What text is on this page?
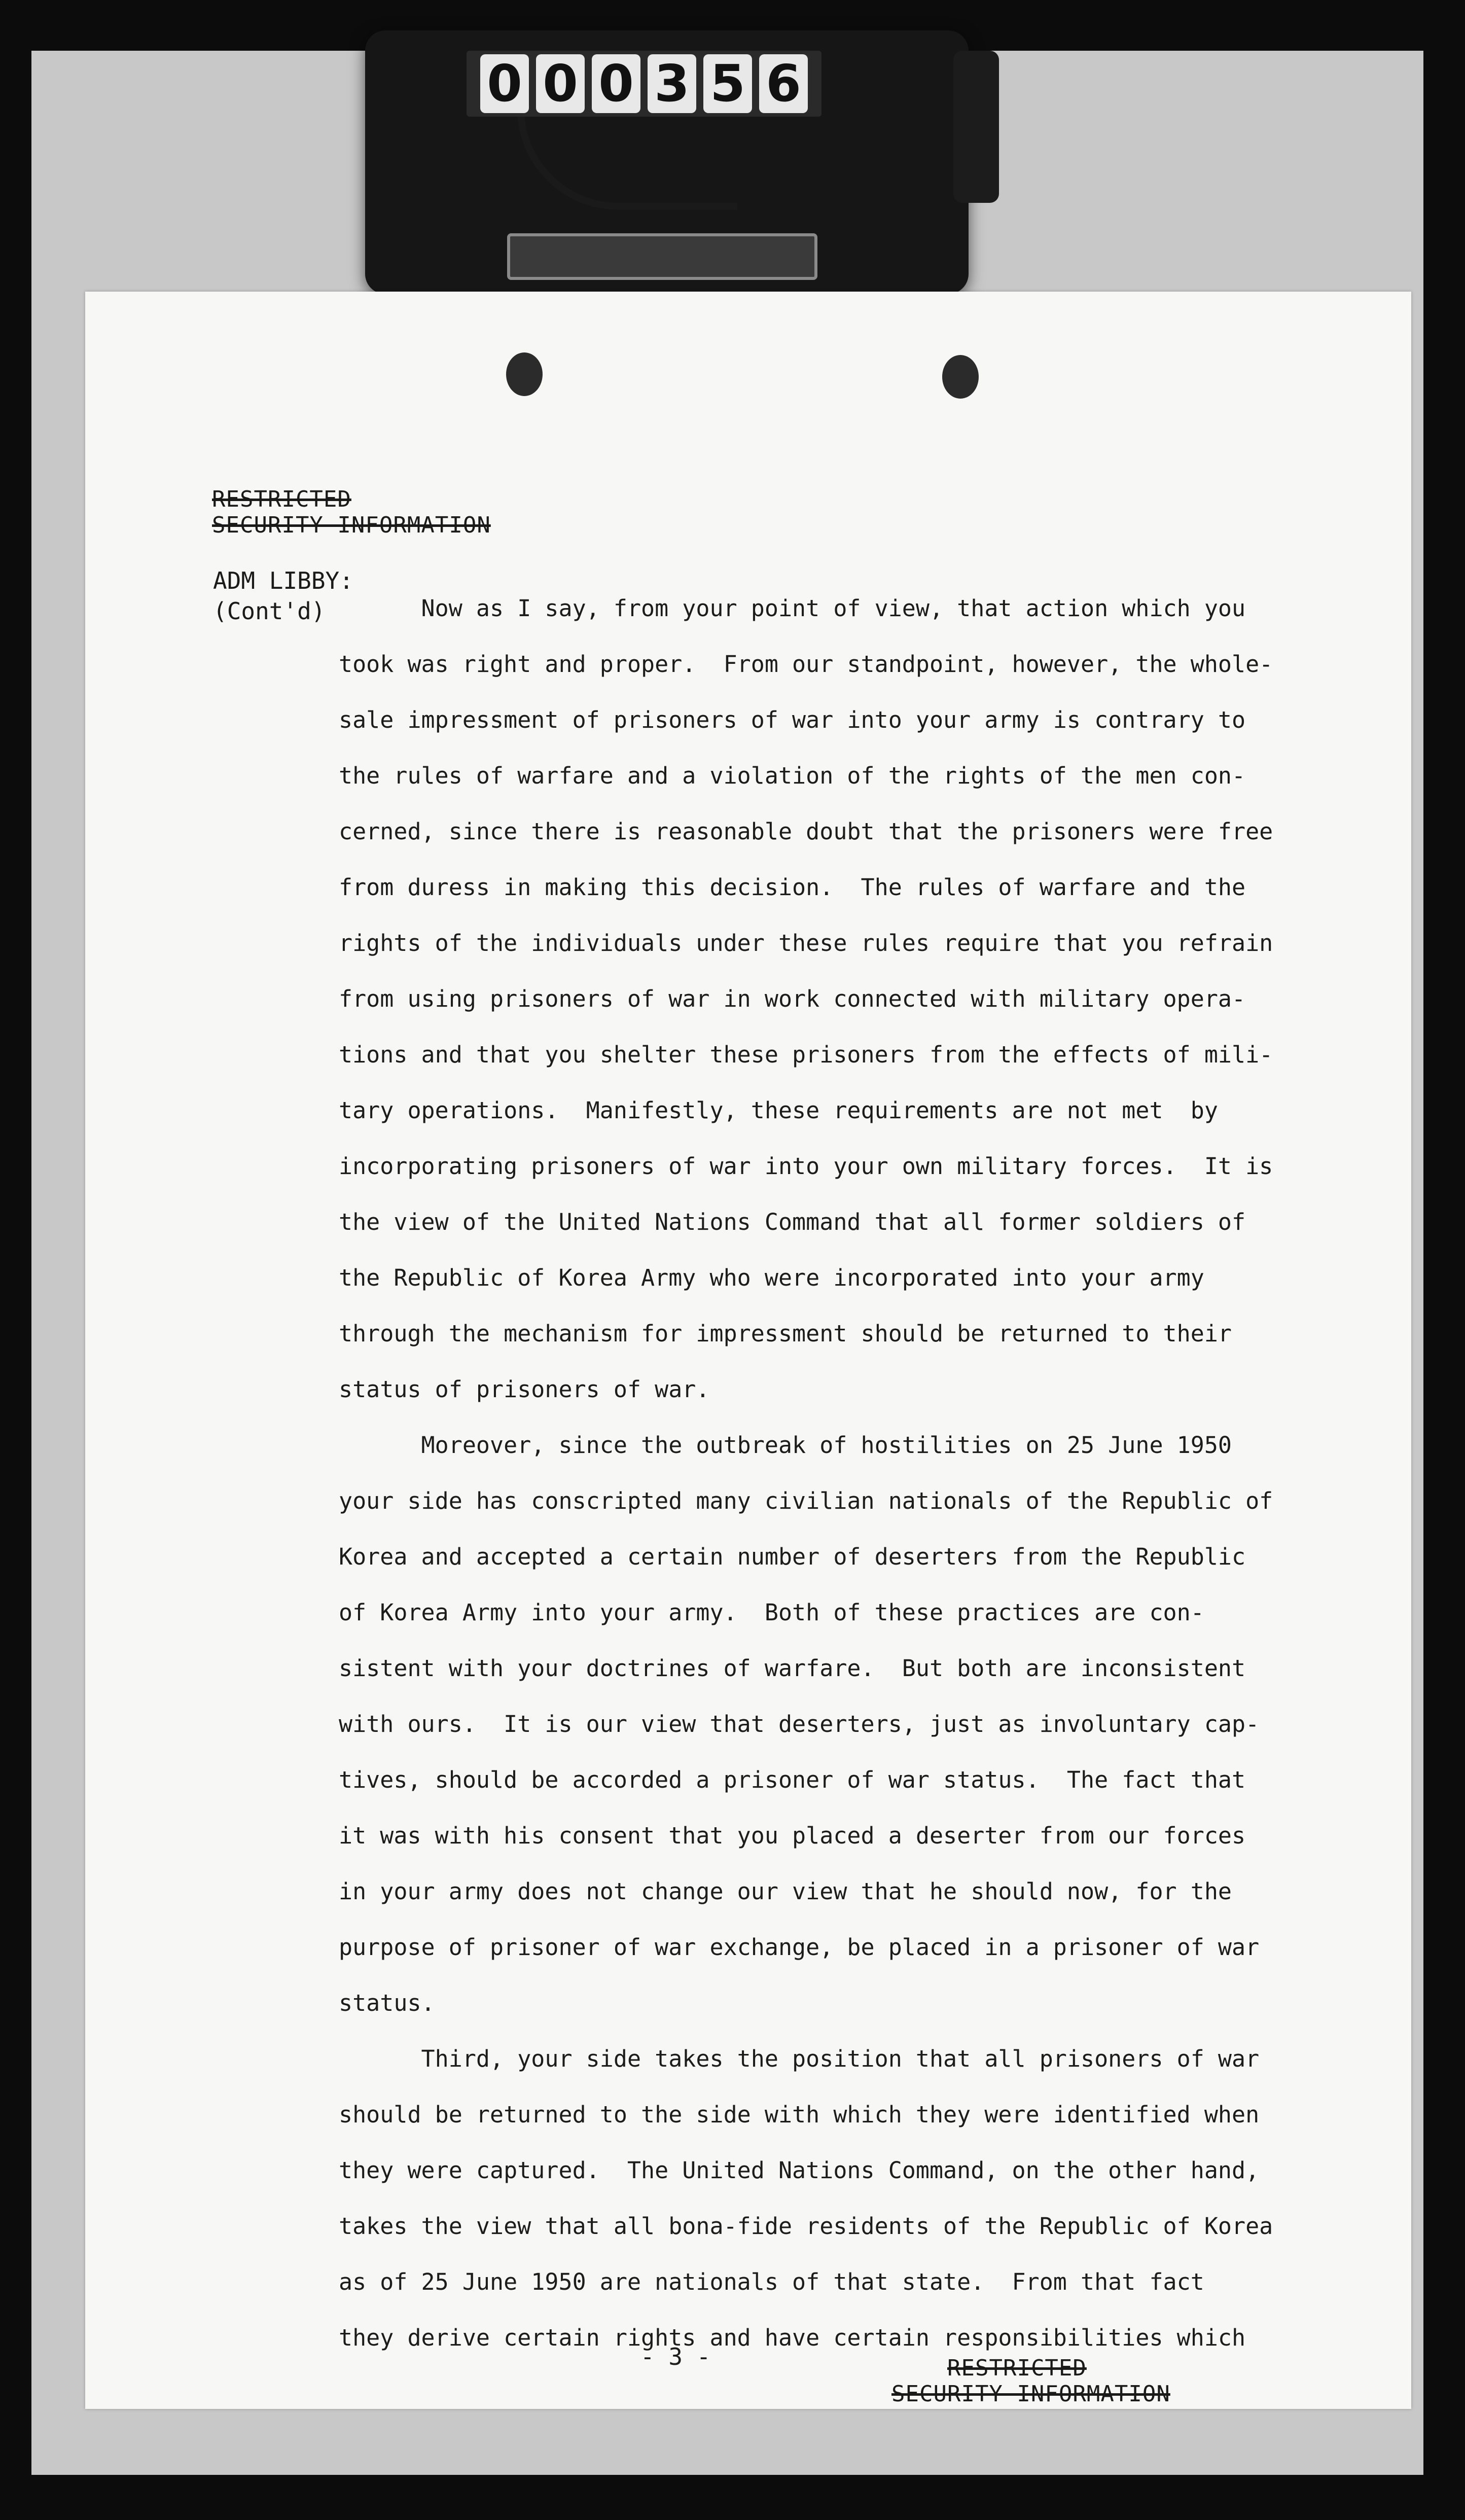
0 0 0 3 5 6
RESTRICTED
SECURITY INFORMATION
ADM LIBBY:
(Cont'd) Now as I say, from your point of view, that action which you
took was right and proper.  From our standpoint, however, the whole-
sale impressment of prisoners of war into your army is contrary to
the rules of warfare and a violation of the rights of the men con-
cerned, since there is reasonable doubt that the prisoners were free
from duress in making this decision.  The rules of warfare and the
rights of the individuals under these rules require that you refrain
from using prisoners of war in work connected with military opera-
tions and that you shelter these prisoners from the effects of mili-
tary operations.  Manifestly, these requirements are not met  by
incorporating prisoners of war into your own military forces.  It is
the view of the United Nations Command that all former soldiers of
the Republic of Korea Army who were incorporated into your army
through the mechanism for impressment should be returned to their
status of prisoners of war.
Moreover, since the outbreak of hostilities on 25 June 1950
your side has conscripted many civilian nationals of the Republic of
Korea and accepted a certain number of deserters from the Republic
of Korea Army into your army.  Both of these practices are con-
sistent with your doctrines of warfare.  But both are inconsistent
with ours.  It is our view that deserters, just as involuntary cap-
tives, should be accorded a prisoner of war status.  The fact that
it was with his consent that you placed a deserter from our forces
in your army does not change our view that he should now, for the
purpose of prisoner of war exchange, be placed in a prisoner of war
status.
Third, your side takes the position that all prisoners of war
should be returned to the side with which they were identified when
they were captured.  The United Nations Command, on the other hand,
takes the view that all bona-fide residents of the Republic of Korea
as of 25 June 1950 are nationals of that state.  From that fact
they derive certain rights and have certain responsibilities which
- 3 -	RESTRICTED
SECURITY INFORMATION
